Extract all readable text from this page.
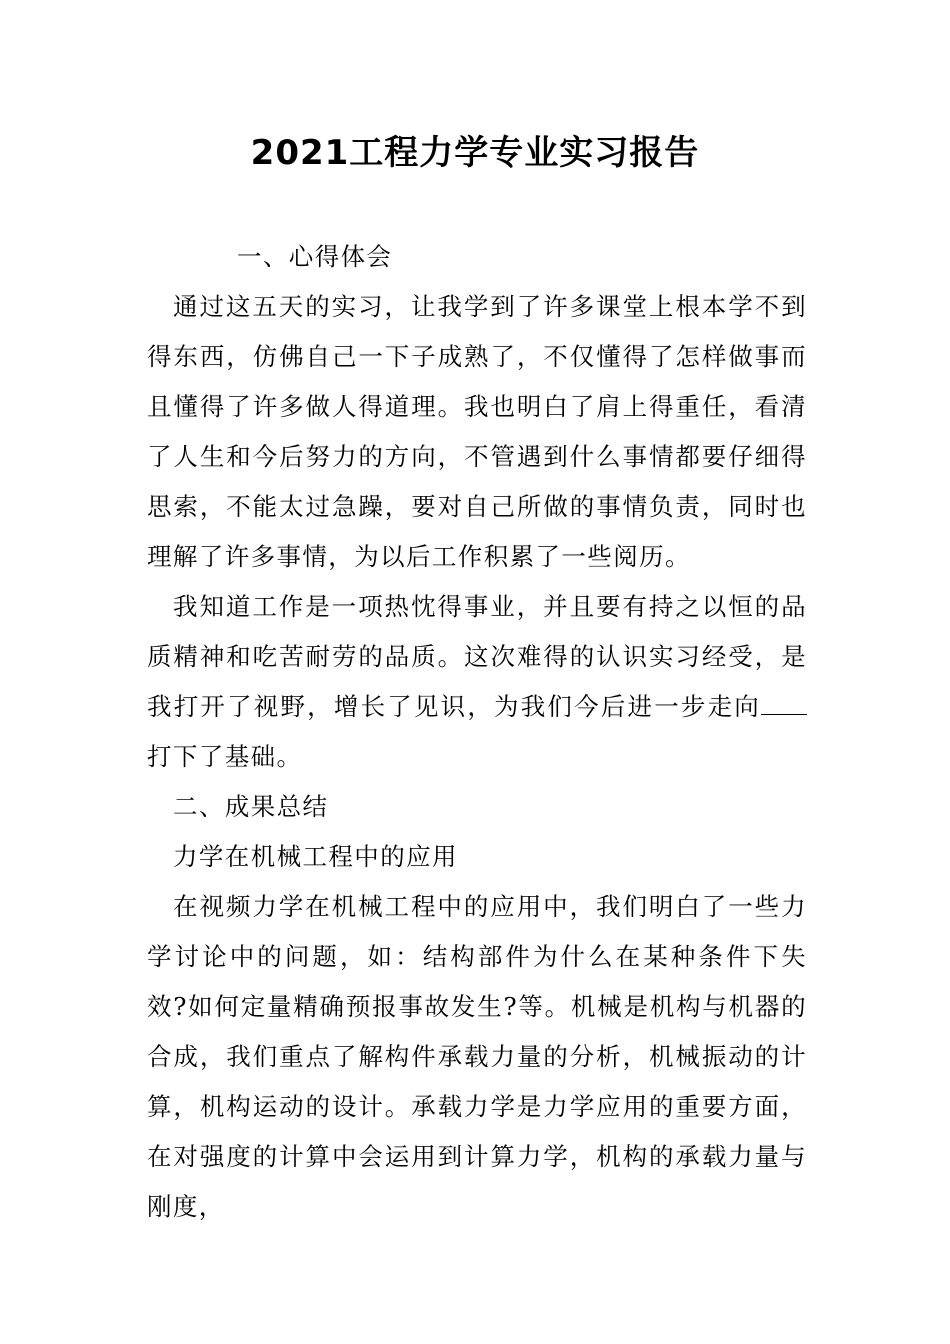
2021工程力学专业实习报告

一、心得体会

通过这五天的实习，让我学到了许多课堂上根本学不到得东西，仿佛自己一下子成熟了，不仅懂得了怎样做事而且懂得了许多做人得道理。我也明白了肩上得重任，看清了人生和今后努力的方向，不管遇到什么事情都要仔细得思索，不能太过急躁，要对自己所做的事情负责，同时也理解了许多事情，为以后工作积累了一些阅历。

我知道工作是一项热忱得事业，并且要有持之以恒的品质精神和吃苦耐劳的品质。这次难得的认识实习经受，是我打开了视野，增长了见识，为我们今后进一步走向打下了基础。

二、成果总结

力学在机械工程中的应用

在视频力学在机械工程中的应用中，我们明白了一些力学讨论中的问题，如：结构部件为什么在某种条件下失效?如何定量精确预报事故发生?等。机械是机构与机器的合成，我们重点了解构件承载力量的分析，机械振动的计算，机构运动的设计。承载力学是力学应用的重要方面，在对强度的计算中会运用到计算力学，机构的承载力量与刚度，
